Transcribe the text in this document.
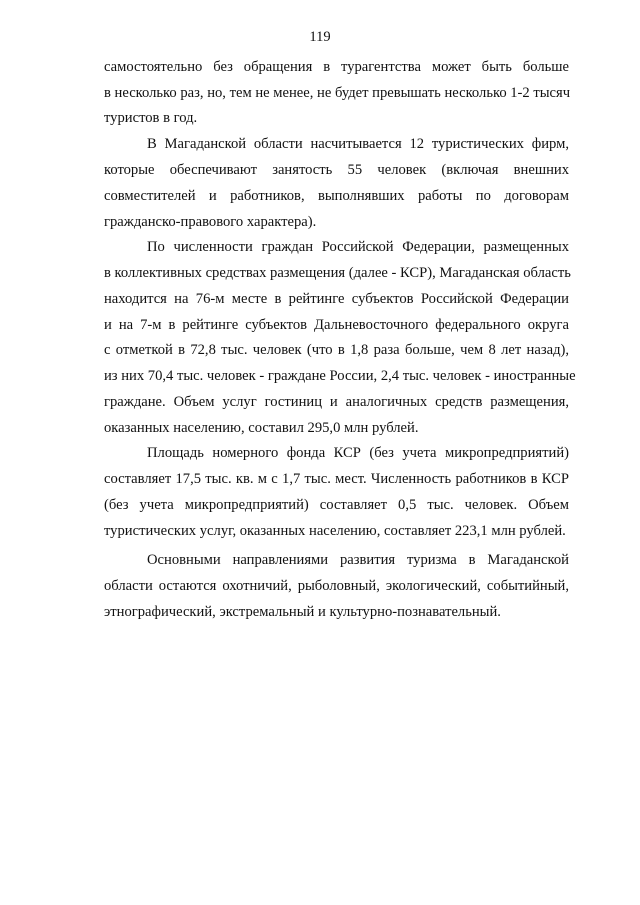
119
самостоятельно без обращения в турагентства может быть больше
в несколько раз, но, тем не менее, не будет превышать несколько 1-2 тысяч
туристов в год.
В Магаданской области насчитывается 12 туристических фирм,
которые обеспечивают занятость 55 человек (включая внешних
совместителей и работников, выполнявших работы по договорам
гражданско-правового характера).
По численности граждан Российской Федерации, размещенных
в коллективных средствах размещения (далее - КСР), Магаданская область
находится на 76-м месте в рейтинге субъектов Российской Федерации
и на 7-м в рейтинге субъектов Дальневосточного федерального округа
с отметкой в 72,8 тыс. человек (что в 1,8 раза больше, чем 8 лет назад),
из них 70,4 тыс. человек - граждане России, 2,4 тыс. человек - иностранные
граждане. Объем услуг гостиниц и аналогичных средств размещения,
оказанных населению, составил 295,0 млн рублей.
Площадь номерного фонда КСР (без учета микропредприятий)
составляет 17,5 тыс. кв. м с 1,7 тыс. мест. Численность работников в КСР
(без учета микропредприятий) составляет 0,5 тыс. человек. Объем
туристических услуг, оказанных населению, составляет 223,1 млн рублей.
Основными направлениями развития туризма в Магаданской
области остаются охотничий, рыболовный, экологический, событийный,
этнографический, экстремальный и культурно-познавательный.
